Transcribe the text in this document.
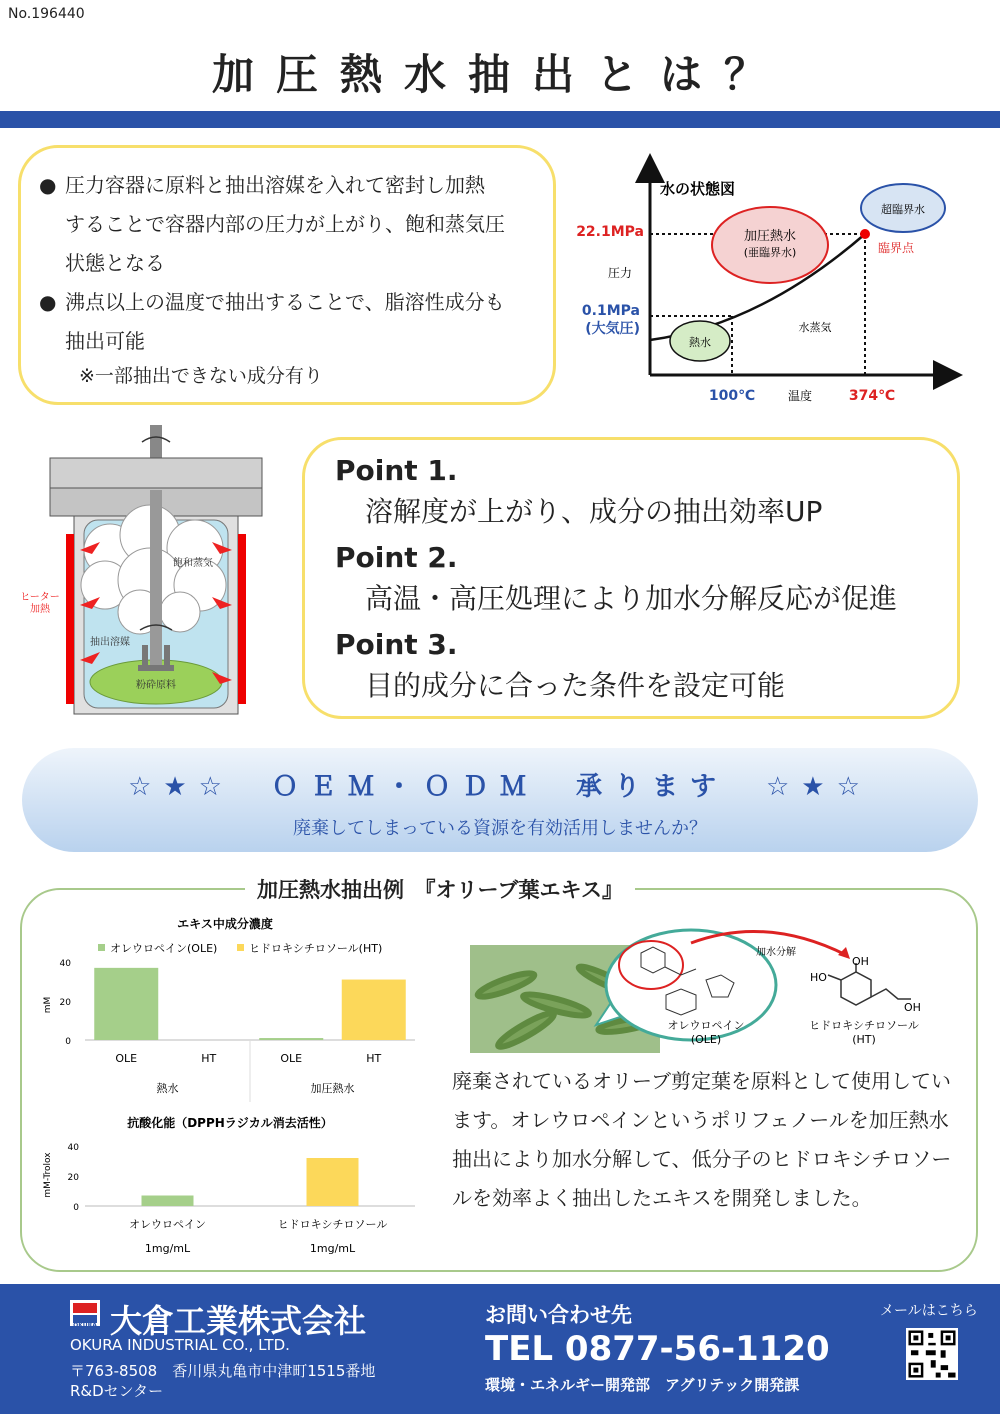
No.196440
加圧熱水抽出とは？
● 圧力容器に原料と抽出溶媒を入れて密封し加熱
することで容器内部の圧力が上がり、飽和蒸気圧
状態となる
● 沸点以上の温度で抽出することで、脂溶性成分も
抽出可能
※一部抽出できない成分有り
水の状態図
加圧熱水
(亜臨界水)
超臨界水
臨界点
熱水
水蒸気
22.1MPa
圧力
0.1MPa
(大気圧)
100℃	温度	374℃
ヒーター
加熱
飽和蒸気
抽出溶媒
粉砕原料
Point 1.
溶解度が上がり、成分の抽出効率UP
Point 2.
高温・高圧処理により加水分解反応が促進
Point 3.
目的成分に合った条件を設定可能
☆★☆　ＯＥＭ・ＯＤＭ　承ります　☆★☆
廃棄してしまっている資源を有効活用しませんか？
加圧熱水抽出例　『オリーブ葉エキス』
エキス中成分濃度
オレウロペイン(OLE)	ヒドロキシチロソール(HT)
mM
0
20
40
OLE	HT	OLE	HT
熱水	加圧熱水
抗酸化能（DPPHラジカル消去活性）
mM-Trolox
0
20
40
オレウロペイン
1mg/mL
ヒドロキシチロソール
1mg/mL
加水分解
OH
HO
OH
オレウロペイン
(OLE)
ヒドロキシチロソール
(HT)
廃棄されているオリーブ剪定葉を原料として使用しています。オレウロペインというポリフェノールを加圧熱水抽出により加水分解して、低分子のヒドロキシチロソールを効率よく抽出したエキスを開発しました。
OKURA 大倉工業株式会社
OKURA INDUSTRIAL CO., LTD.
〒763-8508　香川県丸亀市中津町1515番地
R&Dセンター
お問い合わせ先
TEL 0877-56-1120
環境・エネルギー開発部　アグリテック開発課
メールはこちら
